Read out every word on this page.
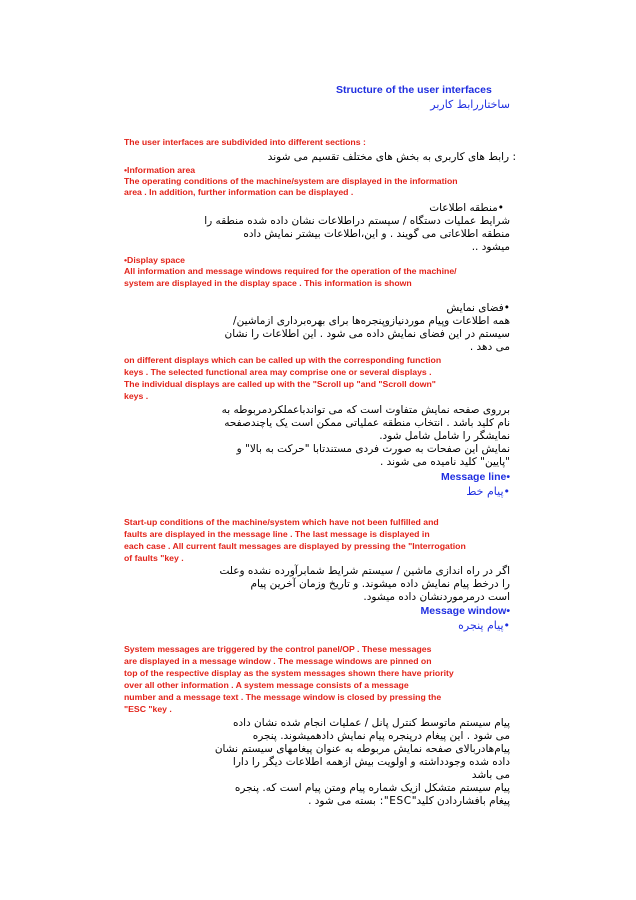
Structure of the user interfaces
ساختاررابط کاربر
The user interfaces are subdivided into different sections :
: رابط های کاربری به بخش های مختلف تقسیم می شوند
•Information area
The operating conditions of the machine/system are displayed in the information
area . In addition, further information can be displayed .
•منطقه اطلاعات
شرایط عملیات دستگاه / سیستم دراطلاعات نشان داده شده منطقه را
منطقه اطلاعاتی می گویند . و این،اطلاعات بیشتر نمایش داده
میشود ..
•Display space
All information and message windows required for the operation of the machine/
system are displayed in the display space . This information is shown
•فضای نمایش
همه اطلاعات وپیام موردنیازوپنجره‌ها برای بهره‌برداری ازماشین/
سیستم در این فضای نمایش داده می شود . این اطلاعات را نشان
می دهد .
on different displays which can be called up with the corresponding function
keys . The selected functional area may comprise one or several displays .
The individual displays are called up with the "Scroll up "and "Scroll down"
keys .
برروی صفحه نمایش متفاوت است که می تواندباعملکردمربوطه به
نام کلید باشد . انتخاب منطقه عملیاتی ممکن است یک یاچندصفحه
نمایشگر را شامل شامل شود.
نمایش این صفحات به صورت فردی مستندتابا "حرکت به بالا" و
"پایین" کلید نامیده می شوند .
Message line•
•پیام خط
Start-up conditions of the machine/system which have not been fulfilled and
faults are displayed in the message line . The last message is displayed in
each case . All current fault messages are displayed by pressing the "Interrogation
of faults "key .
اگر در راه اندازی ماشین / سیستم شرایط شمابرآورده نشده وعلت
را درخط پیام نمایش داده میشوند. و تاریخ وزمان آخرین پیام
است درمرمورد‌نشان داده میشود.
Message window•
•پیام پنجره
System messages are triggered by the control panel/OP . These messages
are displayed in a message window . The message windows are pinned on
top of the respective display as the system messages shown there have priority
over all other information . A system message consists of a message
number and a message text . The message window is closed by pressing the
"ESC "key .
پیام سیستم ماتوسط کنترل پانل / عملیات انجام شده نشان داده
می شود . این پیغام درپنجره پیام نمایش دادهمیشوند. پنجره
پیام‌هادربالای صفحه نمایش مربوطه به عنوان پیغامهای سیستم نشان
داده شده وجودداشته و اولویت بیش ازهمه اطلاعات دیگر را دارا
می باشد
پیام سیستم متشکل ازیک شماره پیام ومتن پیام است که. پنجره
پیغام بافشاردادن کلید"ESC": بسته می شود .
